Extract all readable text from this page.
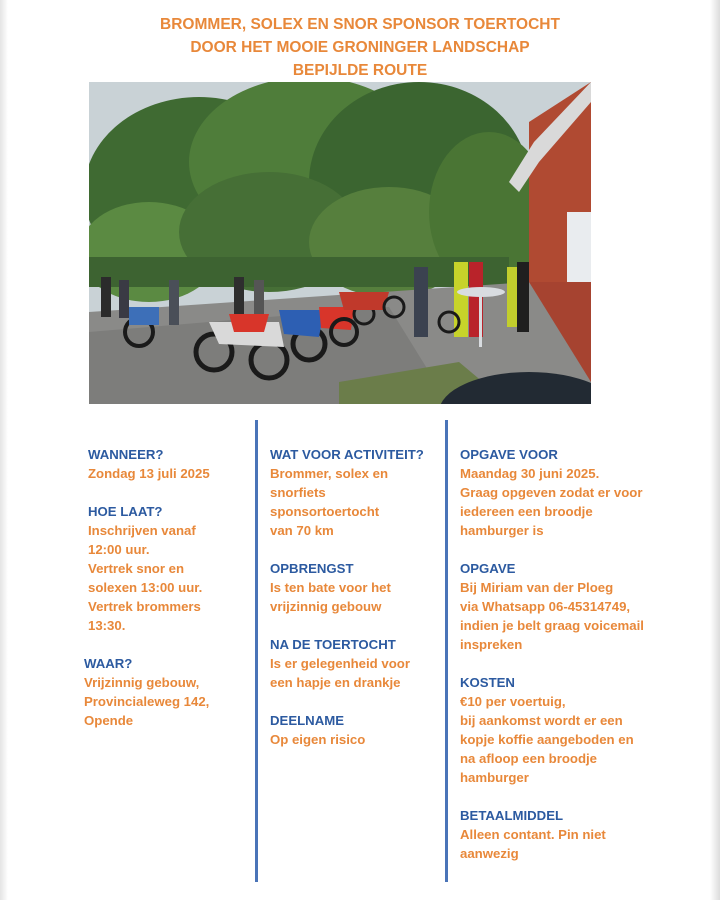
BROMMER, SOLEX EN SNOR SPONSOR TOERTOCHT
DOOR HET MOOIE GRONINGER LANDSCHAP
BEPIJLDE ROUTE
WANNEER?
Zondag 13 juli 2025
HOE LAAT?
Inschrijven vanaf
12:00 uur.
Vertrek snor en
solexen 13:00 uur.
Vertrek brommers
13:30.
WAAR?
Vrijzinnig gebouw,
Provincialeweg 142,
Opende
WAT VOOR ACTIVITEIT?
Brommer, solex en
snorfiets
sponsortoertocht
van 70 km
OPBRENGST
Is ten bate voor het
vrijzinnig gebouw
NA DE TOERTOCHT
Is er gelegenheid voor
een hapje en drankje
DEELNAME
Op eigen risico
OPGAVE VOOR
Maandag 30 juni 2025.
Graag opgeven zodat er voor
iedereen een broodje
hamburger is
OPGAVE
Bij Miriam van der Ploeg
via Whatsapp 06-45314749,
indien je belt graag voicemail
inspreken
KOSTEN
€10 per voertuig,
bij aankomst wordt er een
kopje koffie aangeboden en
na afloop een broodje
hamburger
BETAALMIDDEL
Alleen contant. Pin niet
aanwezig
